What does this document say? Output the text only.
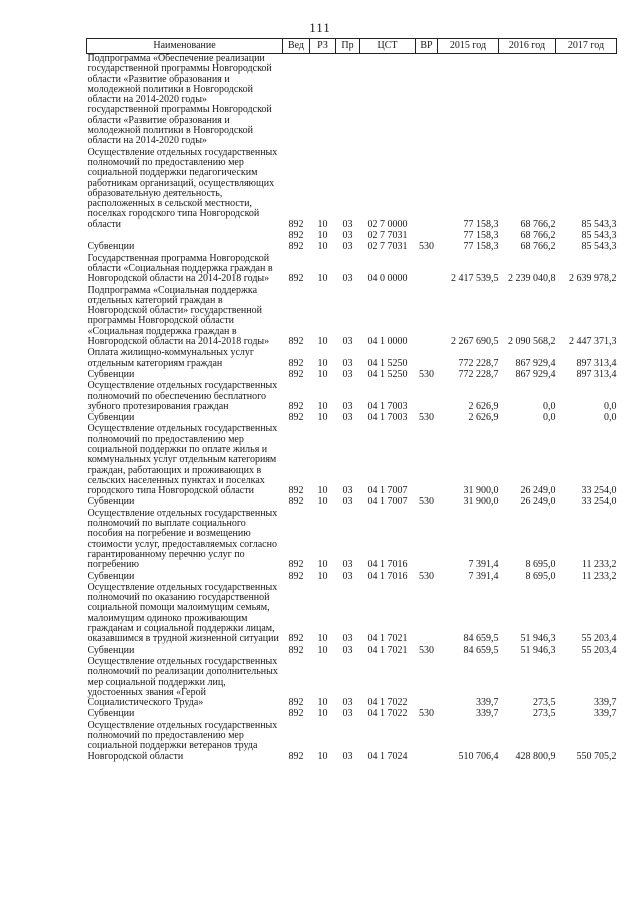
111
Наименование	Вед	РЗ	Пр	ЦСТ	ВР	2015 год	2016 год	2017 год
Подпрограмма «Обеспечение реализации государственной программы Новгородской области «Развитие образования и молодежной политики в Новгородской области на 2014-2020 годы» государственной программы Новгородской области «Развитие образования и молодежной политики в Новгородской области на 2014-2020 годы»								
Осуществление отдельных государственных полномочий по предоставлению мер социальной поддержки педагогическим работникам организаций, осуществляющих образовательную деятельность, расположенных в сельской местности, поселках городского типа Новгородской области	892	10	03	02 7 0000		77 158,3	68 766,2	85 543,3
	892	10	03	02 7 7031		77 158,3	68 766,2	85 543,3
Субвенции	892	10	03	02 7 7031	530	77 158,3	68 766,2	85 543,3
Государственная программа Новгородской области «Социальная поддержка граждан в Новгородской области на 2014-2018 годы»	892	10	03	04 0 0000		2 417 539,5	2 239 040,8	2 639 978,2
Подпрограмма «Социальная поддержка отдельных категорий граждан в Новгородской области» государственной программы Новгородской области «Социальная поддержка граждан в Новгородской области на 2014-2018 годы»	892	10	03	04 1 0000		2 267 690,5	2 090 568,2	2 447 371,3
Оплата жилищно-коммунальных услуг отдельным категориям граждан	892	10	03	04 1 5250		772 228,7	867 929,4	897 313,4
Субвенции	892	10	03	04 1 5250	530	772 228,7	867 929,4	897 313,4
Осуществление отдельных государственных полномочий по обеспечению бесплатного зубного протезирования граждан	892	10	03	04 1 7003		2 626,9	0,0	0,0
Субвенции	892	10	03	04 1 7003	530	2 626,9	0,0	0,0
Осуществление отдельных государственных полномочий по предоставлению мер социальной поддержки по оплате жилья и коммунальных услуг отдельным категориям граждан, работающих и проживающих в сельских населенных пунктах и поселках городского типа Новгородской области	892	10	03	04 1 7007		31 900,0	26 249,0	33 254,0
Субвенции	892	10	03	04 1 7007	530	31 900,0	26 249,0	33 254,0
Осуществление отдельных государственных полномочий по выплате социального пособия на погребение и возмещению стоимости услуг, предоставляемых согласно гарантированному перечню услуг по погребению	892	10	03	04 1 7016		7 391,4	8 695,0	11 233,2
Субвенции	892	10	03	04 1 7016	530	7 391,4	8 695,0	11 233,2
Осуществление отдельных государственных полномочий по оказанию государственной социальной помощи малоимущим семьям, малоимущим одиноко проживающим гражданам и социальной поддержки лицам, оказавшимся в трудной жизненной ситуации	892	10	03	04 1 7021		84 659,5	51 946,3	55 203,4
Субвенции	892	10	03	04 1 7021	530	84 659,5	51 946,3	55 203,4
Осуществление отдельных государственных полномочий по реализации дополнительных мер социальной поддержки лиц, удостоенных звания «Герой Социалистического Труда»	892	10	03	04 1 7022		339,7	273,5	339,7
Субвенции	892	10	03	04 1 7022	530	339,7	273,5	339,7
Осуществление отдельных государственных полномочий по предоставлению мер социальной поддержки ветеранов труда Новгородской области	892	10	03	04 1 7024		510 706,4	428 800,9	550 705,2
